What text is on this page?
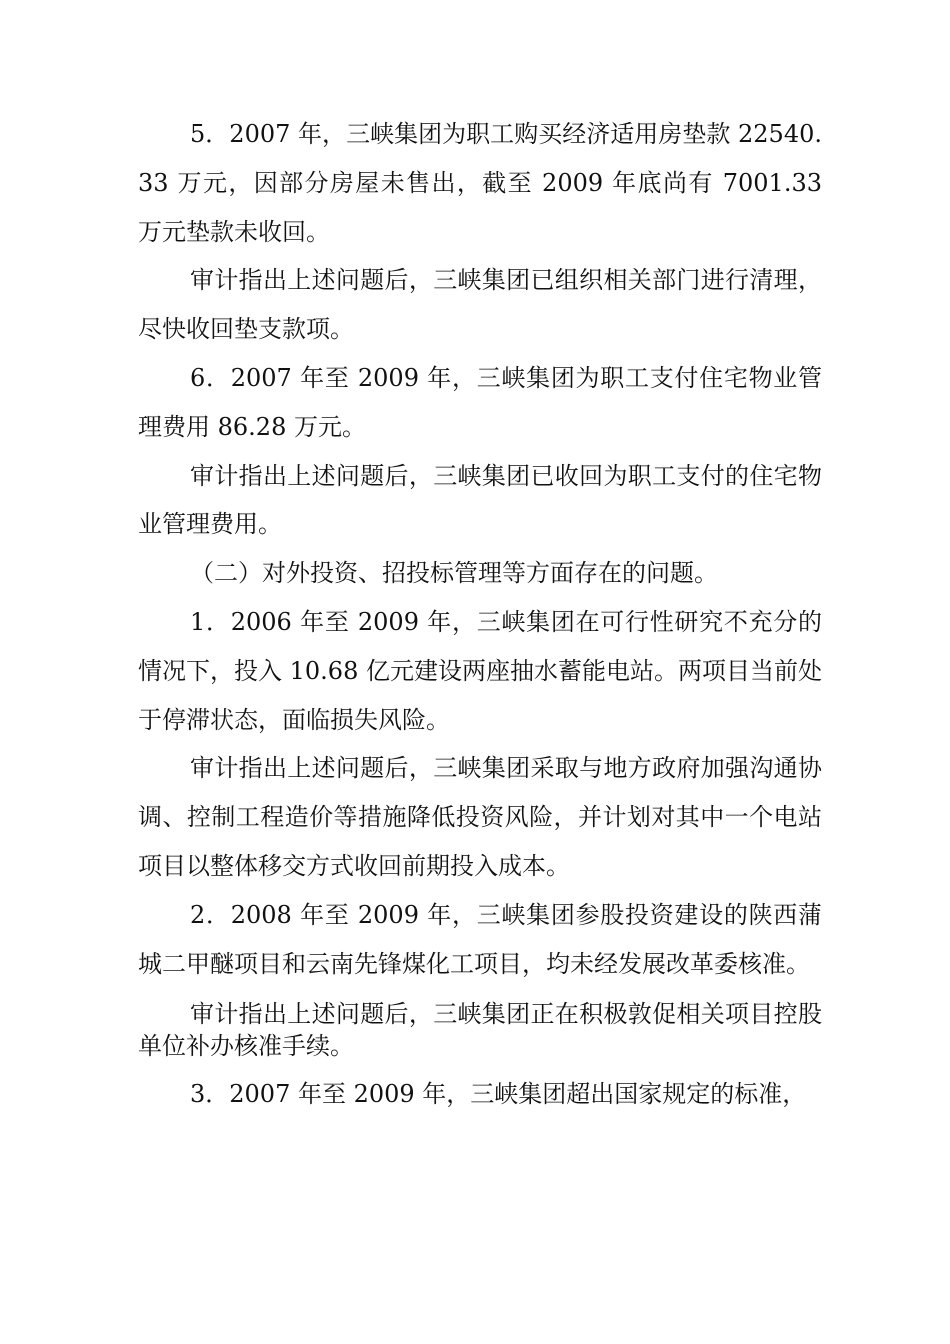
5．2007 年，三峡集团为职工购买经济适用房垫款 22540.33 万元，因部分房屋未售出，截至 2009 年底尚有 7001.33 万元垫款未收回。

审计指出上述问题后，三峡集团已组织相关部门进行清理，尽快收回垫支款项。

6．2007 年至 2009 年，三峡集团为职工支付住宅物业管理费用 86.28 万元。

审计指出上述问题后，三峡集团已收回为职工支付的住宅物业管理费用。

（二）对外投资、招投标管理等方面存在的问题。

1．2006 年至 2009 年，三峡集团在可行性研究不充分的情况下，投入 10.68 亿元建设两座抽水蓄能电站。两项目当前处于停滞状态，面临损失风险。

审计指出上述问题后，三峡集团采取与地方政府加强沟通协调、控制工程造价等措施降低投资风险，并计划对其中一个电站项目以整体移交方式收回前期投入成本。

2．2008 年至 2009 年，三峡集团参股投资建设的陕西蒲城二甲醚项目和云南先锋煤化工项目，均未经发展改革委核准。

审计指出上述问题后，三峡集团正在积极敦促相关项目控股单位补办核准手续。

3．2007 年至 2009 年，三峡集团超出国家规定的标准，
